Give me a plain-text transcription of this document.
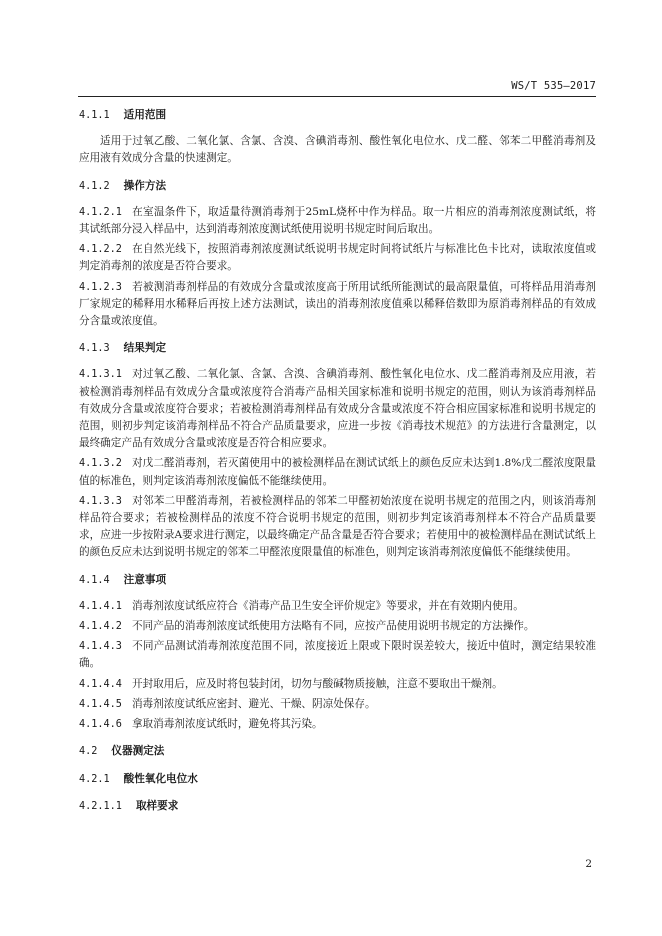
WS/T 535—2017
4.1.1 适用范围
适用于过氧乙酸、二氧化氯、含氯、含溴、含碘消毒剂、酸性氧化电位水、戊二醛、邻苯二甲醛消毒剂及应用液有效成分含量的快速测定。
4.1.2 操作方法
4.1.2.1 在室温条件下，取适量待测消毒剂于25mL烧杯中作为样品。取一片相应的消毒剂浓度测试纸，将其试纸部分浸入样品中，达到消毒剂浓度测试纸使用说明书规定时间后取出。
4.1.2.2 在自然光线下，按照消毒剂浓度测试纸说明书规定时间将试纸片与标准比色卡比对，读取浓度值或判定消毒剂的浓度是否符合要求。
4.1.2.3 若被测消毒剂样品的有效成分含量或浓度高于所用试纸所能测试的最高限量值，可将样品用消毒剂厂家规定的稀释用水稀释后再按上述方法测试，读出的消毒剂浓度值乘以稀释倍数即为原消毒剂样品的有效成分含量或浓度值。
4.1.3 结果判定
4.1.3.1 对过氧乙酸、二氧化氯、含氯、含溴、含碘消毒剂、酸性氧化电位水、戊二醛消毒剂及应用液，若被检测消毒剂样品有效成分含量或浓度符合消毒产品相关国家标准和说明书规定的范围，则认为该消毒剂样品有效成分含量或浓度符合要求；若被检测消毒剂样品有效成分含量或浓度不符合相应国家标准和说明书规定的范围，则初步判定该消毒剂样品不符合产品质量要求，应进一步按《消毒技术规范》的方法进行含量测定，以最终确定产品有效成分含量或浓度是否符合相应要求。
4.1.3.2 对戊二醛消毒剂，若灭菌使用中的被检测样品在测试试纸上的颜色反应未达到1.8%戊二醛浓度限量值的标准色，则判定该消毒剂浓度偏低不能继续使用。
4.1.3.3 对邻苯二甲醛消毒剂，若被检测样品的邻苯二甲醛初始浓度在说明书规定的范围之内，则该消毒剂样品符合要求；若被检测样品的浓度不符合说明书规定的范围，则初步判定该消毒剂样本不符合产品质量要求，应进一步按附录A要求进行测定，以最终确定产品含量是否符合要求；若使用中的被检测样品在测试试纸上的颜色反应未达到说明书规定的邻苯二甲醛浓度限量值的标准色，则判定该消毒剂浓度偏低不能继续使用。
4.1.4 注意事项
4.1.4.1 消毒剂浓度试纸应符合《消毒产品卫生安全评价规定》等要求，并在有效期内使用。
4.1.4.2 不同产品的消毒剂浓度试纸使用方法略有不同，应按产品使用说明书规定的方法操作。
4.1.4.3 不同产品测试消毒剂浓度范围不同，浓度接近上限或下限时误差较大，接近中值时，测定结果较准确。
4.1.4.4 开封取用后，应及时将包装封闭，切勿与酸碱物质接触，注意不要取出干燥剂。
4.1.4.5 消毒剂浓度试纸应密封、避光、干燥、阴凉处保存。
4.1.4.6 拿取消毒剂浓度试纸时，避免将其污染。
4.2 仪器测定法
4.2.1 酸性氧化电位水
4.2.1.1 取样要求
2
